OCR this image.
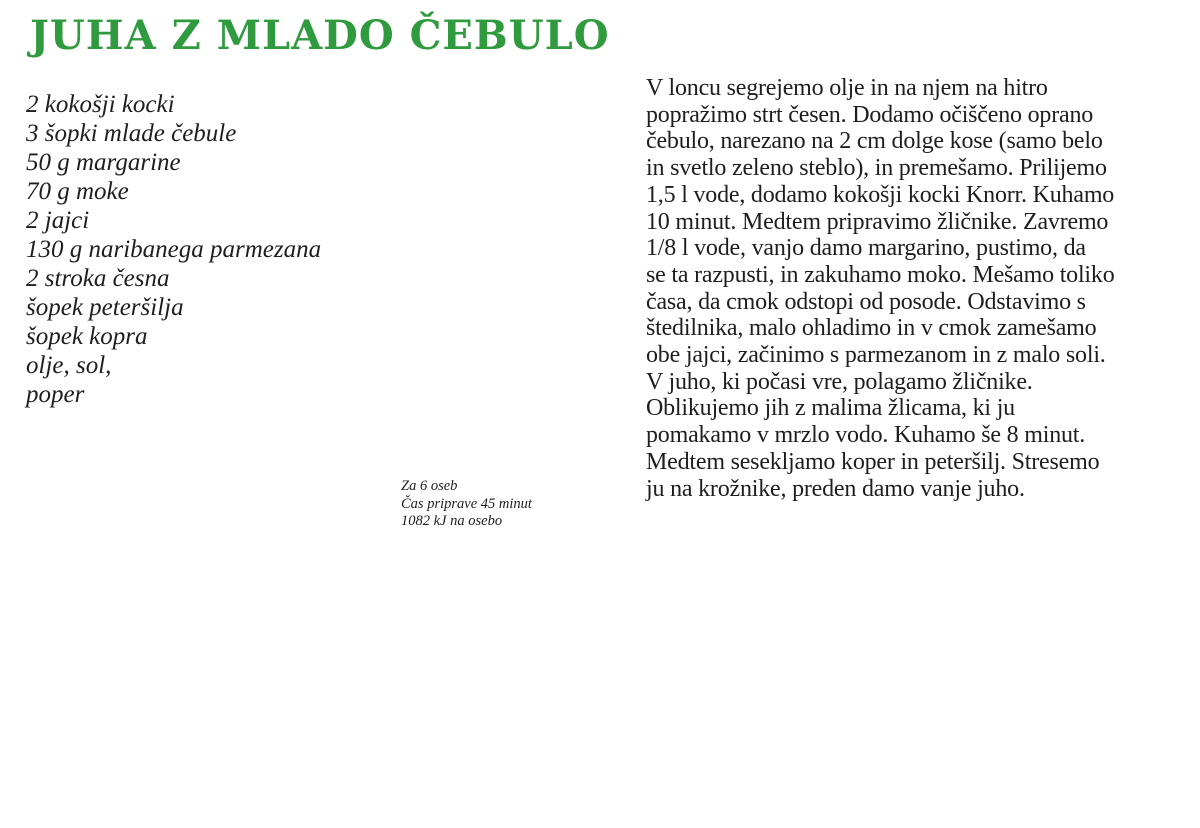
JUHA Z MLADO ČEBULO
2 kokošji kocki
3 šopki mlade čebule
50 g margarine
70 g moke
2 jajci
130 g naribanega parmezana
2 stroka česna
šopek peteršilja
šopek kopra
olje, sol,
poper
Za 6 oseb
Čas priprave 45 minut
1082 kJ na osebo

V loncu segrejemo olje in na njem na hitro
popražimo strt česen. Dodamo očiščeno oprano
čebulo, narezano na 2 cm dolge kose (samo belo
in svetlo zeleno steblo), in premešamo. Prilijemo
1,5 l vode, dodamo kokošji kocki Knorr. Kuhamo
10 minut. Medtem pripravimo žličnike. Zavremo
1/8 l vode, vanjo damo margarino, pustimo, da
se ta razpusti, in zakuhamo moko. Mešamo toliko
časa, da cmok odstopi od posode. Odstavimo s
štedilnika, malo ohladimo in v cmok zamešamo
obe jajci, začinimo s parmezanom in z malo soli.
V juho, ki počasi vre, polagamo žličnike.
Oblikujemo jih z malima žlicama, ki ju
pomakamo v mrzlo vodo. Kuhamo še 8 minut.
Medtem sesekljamo koper in peteršilj. Stresemo
ju na krožnike, preden damo vanje juho.
